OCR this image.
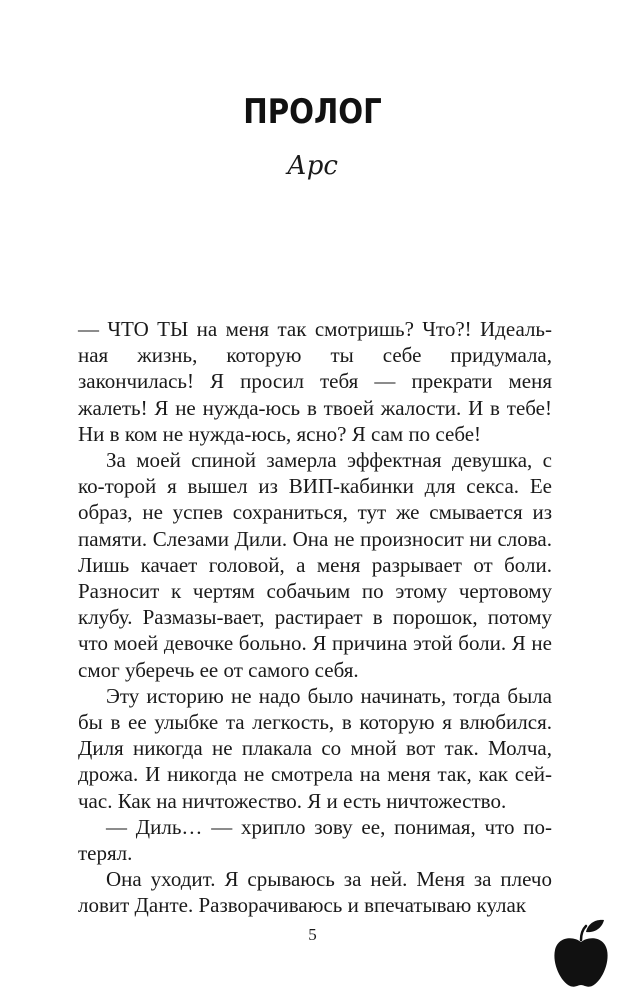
ПРОЛОГ
Арс

— ЧТО ТЫ на меня так смотришь? Что?! Идеаль-ная жизнь, которую ты себе придумала, закончилась! Я просил тебя — прекрати меня жалеть! Я не нужда-юсь в твоей жалости. И в тебе! Ни в ком не нужда-юсь, ясно? Я сам по себе!

За моей спиной замерла эффектная девушка, с ко-торой я вышел из ВИП-кабинки для секса. Ее образ, не успев сохраниться, тут же смывается из памяти. Слезами Дили. Она не произносит ни слова. Лишь качает головой, а меня разрывает от боли. Разносит к чертям собачьим по этому чертовому клубу. Размазы-вает, растирает в порошок, потому что моей девочке больно. Я причина этой боли. Я не смог уберечь ее от самого себя.

Эту историю не надо было начинать, тогда была бы в ее улыбке та легкость, в которую я влюбился. Диля никогда не плакала со мной вот так. Молча, дрожа. И никогда не смотрела на меня так, как сей-час. Как на ничтожество. Я и есть ничтожество.

— Диль… — хрипло зову ее, понимая, что по-терял.

Она уходит. Я срываюсь за ней. Меня за плечо ловит Данте. Разворачиваюсь и впечатываю кулак

5
